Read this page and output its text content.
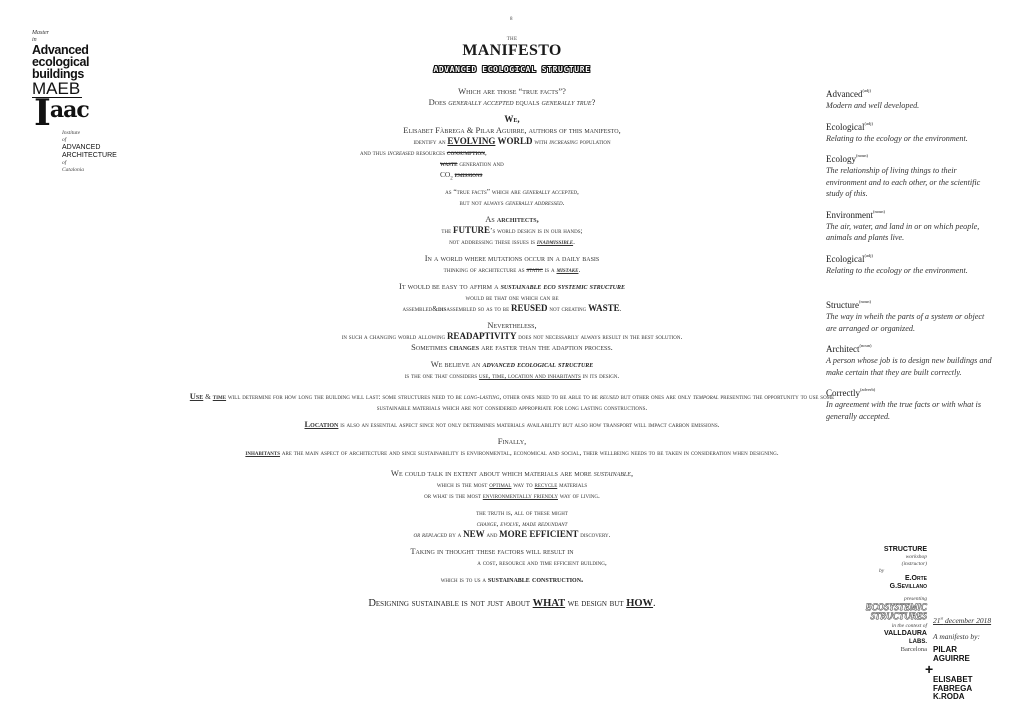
8
Master
in
Advanced
ecological
buildings
MAEB
$I^{aac}$
Institute
of
ADVANCED
ARCHITECTURE
of
Catalonia
THE
MANIFESTO
ADVANCED ECOLOGICAL STRUCTURE

Which are those “true facts”?

Does generally accepted equals generally true?

We,

Elisabet Fàbrega & Pilar Aguirre, authors of this manifesto,

identify an EVOLVING WORLD with increasing population

and thus increased resources consumption,

waste generation and

$CO_2$ emissions

as “true facts” which are generally accepted,

but not always generally addressed.

As architects,

the FUTURE’s world design is in our hands;

not addressing these issues is inadmissible.

In a world where mutations occur in a daily basis

thinking of architecture as static is a mistake.

It would be easy to affirm a sustainable eco systemic structure

would be that one which can be

assembled&disassembled so as to be REUSED not creating WASTE.

Nevertheless,

in such a changing world allowing READAPTIVITY does not necessarily always result in the best solution.

Sometimes changes are faster than the adaption process.

We believe an advanced ecological structure

is the one that considers use, time, location and inhabitants in its design.

Use & time will determine for how long the building will last: some structures need to be long-lasting, other ones need to be able to be reused but other ones are only temporal presenting the opportunity to use some sustainable materials which are not considered appropriate for long lasting constructions.

Location is also an essential aspect since not only determines materials availability but also how transport will impact carbon emissions.

Finally,

inhabitants are the main aspect of architecture and since sustainability is environmental, economical and social, their wellbeing needs to be taken in consideration when designing.

We could talk in extent about which materials are more sustainable,

which is the most optimal way to recycle materials

or what is the most environmentally friendly way of living.

the truth is, all of these might

change, evolve, made redundant

or replaced by a NEW and MORE EFFICIENT discovery.

Taking in thought these factors will result in

a cost, resource and time efficient building,

which is to us a sustainable construction.

Designing sustainable is not just about WHAT we design but HOW.

Advanced$^{(adj)}$
Modern and well developed.
Ecological$^{(adj)}$
Relating to the ecology or the environment.
Ecology$^{(noun)}$
The relationship of living things to their environment and to each other, or the scientific study of this.
Environment$^{(noun)}$
The air, water, and land in or on which people, animals and plants live.
Ecological$^{(adj)}$
Relating to the ecology or the environment.
Structure$^{(noun)}$
The way in wheih the parts of a system or object are arranged or organized.
Architect$^{(noun)}$
A person whose job is to design new buildings and make certain that they are built correctly.
Correctly$^{(adverb)}$
In agreement with the true facts or with what is generally accepted.
STRUCTURE
workshop
(instructor)
by
E.Orte
G.Sevillano
presenting
ECOSYSTEMIC
STRUCTURES
in the context of
VALLDAURA
LABS.
Barcelona
21st december 2018
A manifesto by:
PILAR
AGUIRRE
+
ELISABET
FABREGA
K.RODA
